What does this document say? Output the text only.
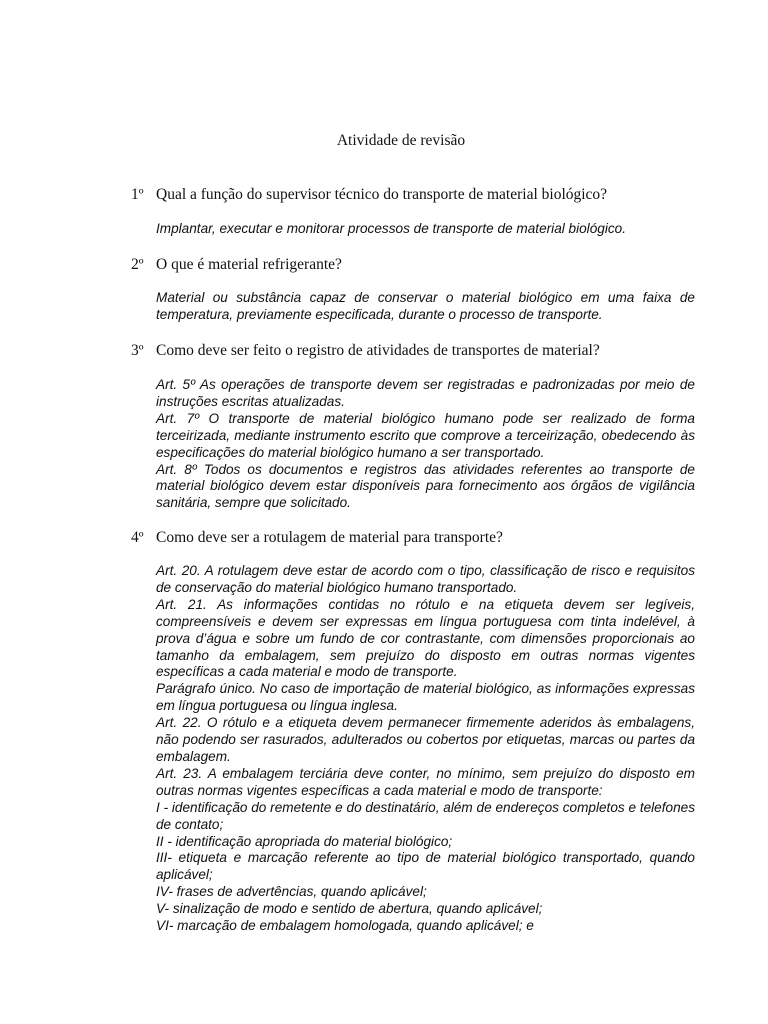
Atividade de revisão
1º Qual a função do supervisor técnico do transporte de material biológico?

Implantar, executar e monitorar processos de transporte de material biológico.

2º O que é material refrigerante?

Material ou substância capaz de conservar o material biológico em uma faixa de temperatura, previamente especificada, durante o processo de transporte.

3º Como deve ser feito o registro de atividades de transportes de material?

Art. 5º As operações de transporte devem ser registradas e padronizadas por meio de instruções escritas atualizadas.

Art. 7º O transporte de material biológico humano pode ser realizado de forma terceirizada, mediante instrumento escrito que comprove a terceirização, obedecendo às especificações do material biológico humano a ser transportado.

Art. 8º Todos os documentos e registros das atividades referentes ao transporte de material biológico devem estar disponíveis para fornecimento aos órgãos de vigilância sanitária, sempre que solicitado.

4º Como deve ser a rotulagem de material para transporte?

Art. 20. A rotulagem deve estar de acordo com o tipo, classificação de risco e requisitos de conservação do material biológico humano transportado.

Art. 21. As informações contidas no rótulo e na etiqueta devem ser legíveis, compreensíveis e devem ser expressas em língua portuguesa com tinta indelével, à prova d’água e sobre um fundo de cor contrastante, com dimensões proporcionais ao tamanho da embalagem, sem prejuízo do disposto em outras normas vigentes específicas a cada material e modo de transporte.

Parágrafo único. No caso de importação de material biológico, as informações expressas em língua portuguesa ou língua inglesa.

Art. 22. O rótulo e a etiqueta devem permanecer firmemente aderidos às embalagens, não podendo ser rasurados, adulterados ou cobertos por etiquetas, marcas ou partes da embalagem.

Art. 23. A embalagem terciária deve conter, no mínimo, sem prejuízo do disposto em outras normas vigentes específicas a cada material e modo de transporte:

I - identificação do remetente e do destinatário, além de endereços completos e telefones de contato;

II - identificação apropriada do material biológico;

III- etiqueta e marcação referente ao tipo de material biológico transportado, quando aplicável;

IV- frases de advertências, quando aplicável;

V- sinalização de modo e sentido de abertura, quando aplicável;

VI- marcação de embalagem homologada, quando aplicável; e
